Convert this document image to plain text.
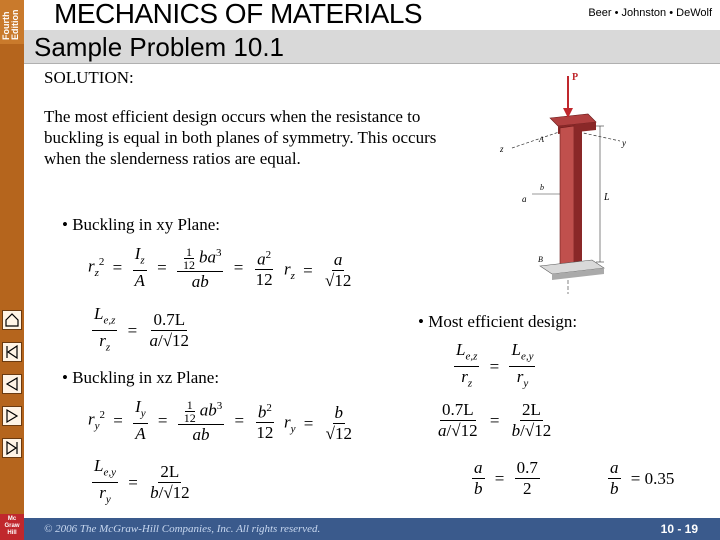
Fourth
Edition
Mc
Graw
Hill
MECHANICS OF MATERIALS	Beer • Johnston • DeWolf
Sample Problem 10.1
SOLUTION:
The most efficient design occurs when the resistance to buckling is equal in both planes of symmetry. This occurs when the slenderness ratios are equal.
• Buckling in xy Plane:
• Buckling in xz Plane:
• Most efficient design:
$r_z^2 = \frac{I_z}{A} = \frac{\frac{1}{12} ba^3}{ab} = \frac{a^2}{12} r_z = \frac{a}{√12}$
$\frac{L_{e,z}}{r_z} = \frac{0.7L}{a/√12}$
$r_y^2 = \frac{I_y}{A} = \frac{\frac{1}{12} ab^3}{ab} = \frac{b^2}{12} r_y = \frac{b}{√12}$
$\frac{L_{e,y}}{r_y} = \frac{2L}{b/√12}$
$\frac{L_{e,z}}{r_z} = \frac{L_{e,y}}{r_y}$
$\frac{0.7L}{a/√12} = \frac{2L}{b/√12}$
$\frac{a}{b} = \frac{0.7}{2}$	$\frac{a}{b} = 0.35$
P
L
A
B
z
y
a
b
© 2006 The McGraw-Hill Companies, Inc. All rights reserved.	10 - 19
